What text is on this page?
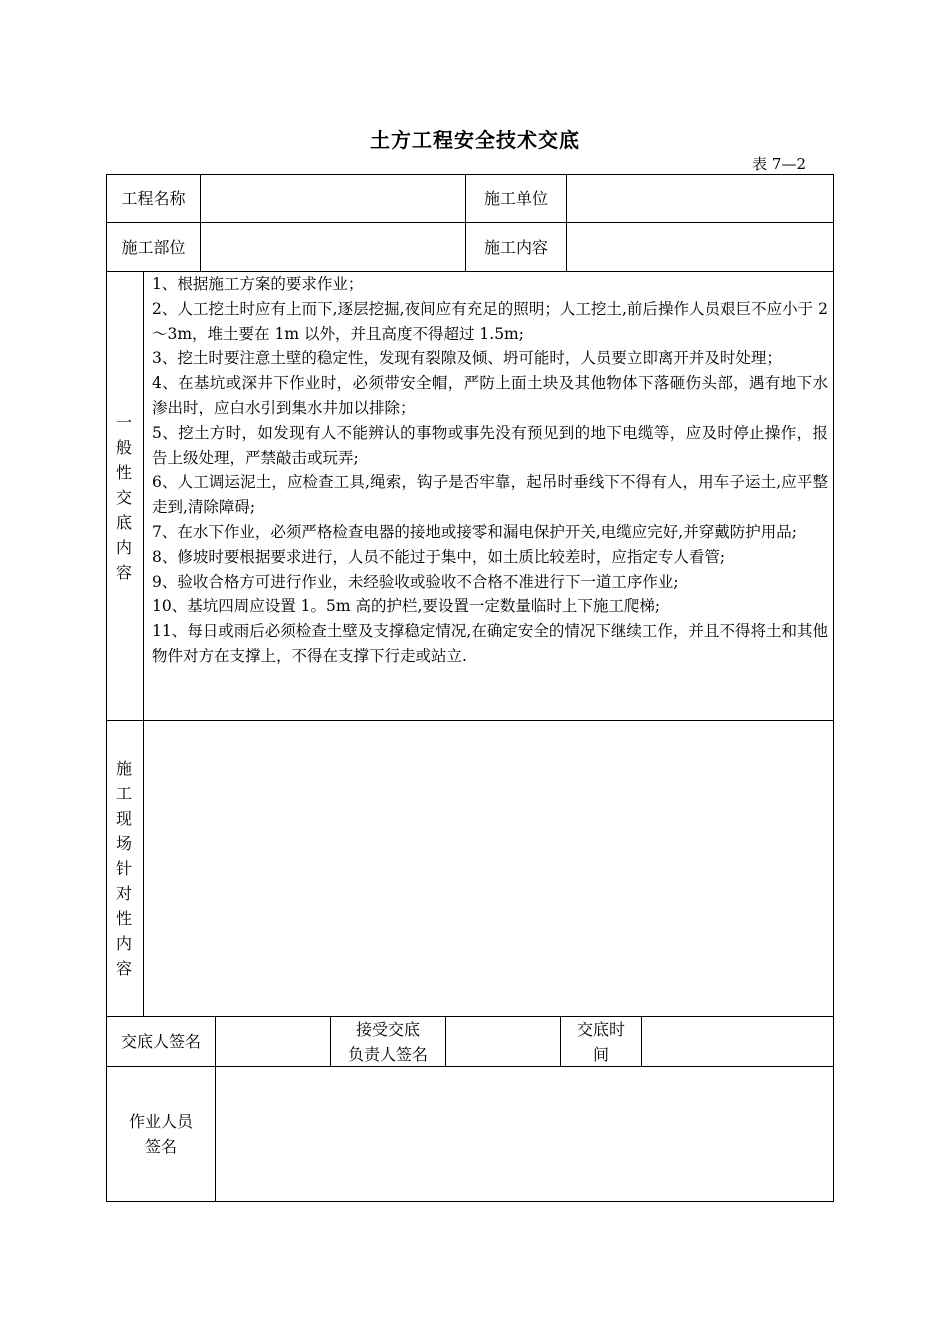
土方工程安全技术交底
表 7—2
工程名称	施工单位
施工部位	施工内容
一
般
性
交
底
内
容

1、根据施工方案的要求作业；

2、人工挖土时应有上而下,逐层挖掘,夜间应有充足的照明；人工挖土,前后操作人员艰巨不应小于 2～3m，堆土要在 1m 以外，并且高度不得超过 1.5m;

3、挖土时要注意土壁的稳定性，发现有裂隙及倾、坍可能时，人员要立即离开并及时处理；

4、在基坑或深井下作业时，必须带安全帽，严防上面土块及其他物体下落砸伤头部，遇有地下水渗出时，应白水引到集水井加以排除；

5、挖土方时，如发现有人不能辨认的事物或事先没有预见到的地下电缆等，应及时停止操作，报告上级处理，严禁敲击或玩弄;

6、人工调运泥土，应检查工具,绳索，钩子是否牢靠，起吊时垂线下不得有人，用车子运土,应平整走到,清除障碍;

7、在水下作业，必须严格检查电器的接地或接零和漏电保护开关,电缆应完好,并穿戴防护用品;

8、修坡时要根据要求进行，人员不能过于集中，如土质比较差时，应指定专人看管;

9、验收合格方可进行作业，未经验收或验收不合格不准进行下一道工序作业;

10、基坑四周应设置 1。5m 高的护栏,要设置一定数量临时上下施工爬梯;

11、每日或雨后必须检查土壁及支撑稳定情况,在确定安全的情况下继续工作，并且不得将土和其他物件对方在支撑上，不得在支撑下行走或站立.

施
工
现
场
针
对
性
内
容
交底人签名
接受交底
负责人签名
交底时
间
作业人员
签名
